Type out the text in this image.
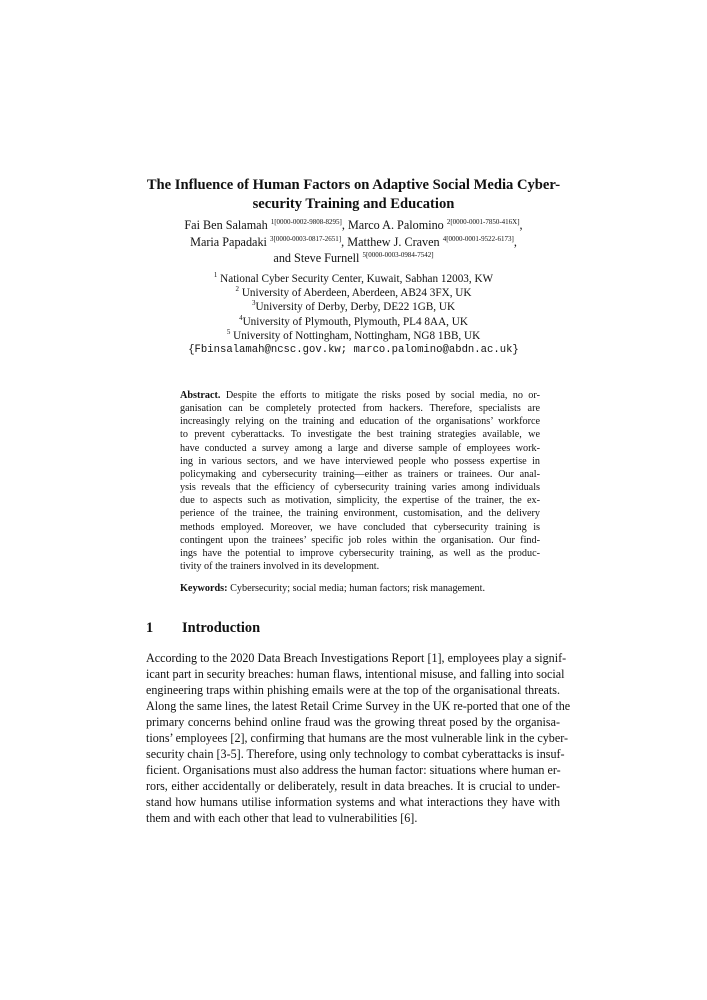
The Influence of Human Factors on Adaptive Social Media Cyber-
security Training and Education
Fai Ben Salamah $^{1[0000-0002-9808-8295]}$, Marco A. Palomino $^{2[0000-0001-7850-416X]}$,
Maria Papadaki $^{3[0000-0003-0817-2651]}$, Matthew J. Craven $^{4[0000-0001-9522-6173]}$,
and Steve Furnell $^{5[0000-0003-0984-7542]}$
$^1$ National Cyber Security Center, Kuwait, Sabhan 12003, KW
$^2$ University of Aberdeen, Aberdeen, AB24 3FX, UK
$^3$University of Derby, Derby, DE22 1GB, UK
$^4$University of Plymouth, Plymouth, PL4 8AA, UK
$^5$ University of Nottingham, Nottingham, NG8 1BB, UK
{Fbinsalamah@ncsc.gov.kw; marco.palomino@abdn.ac.uk}
Abstract. Despite the efforts to mitigate the risks posed by social media, no or-
ganisation can be completely protected from hackers. Therefore, specialists are
increasingly relying on the training and education of the organisations’ workforce
to prevent cyberattacks. To investigate the best training strategies available, we
have conducted a survey among a large and diverse sample of employees work-
ing in various sectors, and we have interviewed people who possess expertise in
policymaking and cybersecurity training—either as trainers or trainees. Our anal-
ysis reveals that the efficiency of cybersecurity training varies among individuals
due to aspects such as motivation, simplicity, the expertise of the trainer, the ex-
perience of the trainee, the training environment, customisation, and the delivery
methods employed. Moreover, we have concluded that cybersecurity training is
contingent upon the trainees’ specific job roles within the organisation. Our find-
ings have the potential to improve cybersecurity training, as well as the produc-
tivity of the trainers involved in its development.
Keywords: Cybersecurity; social media; human factors; risk management.
1 Introduction
According to the 2020 Data Breach Investigations Report [1], employees play a signif-
icant part in security breaches: human flaws, intentional misuse, and falling into social
engineering traps within phishing emails were at the top of the organisational threats.
Along the same lines, the latest Retail Crime Survey in the UK re-ported that one of the
primary concerns behind online fraud was the growing threat posed by the organisa-
tions’ employees [2], confirming that humans are the most vulnerable link in the cyber-
security chain [3-5]. Therefore, using only technology to combat cyberattacks is insuf-
ficient. Organisations must also address the human factor: situations where human er-
rors, either accidentally or deliberately, result in data breaches. It is crucial to under-
stand how humans utilise information systems and what interactions they have with
them and with each other that lead to vulnerabilities [6].
